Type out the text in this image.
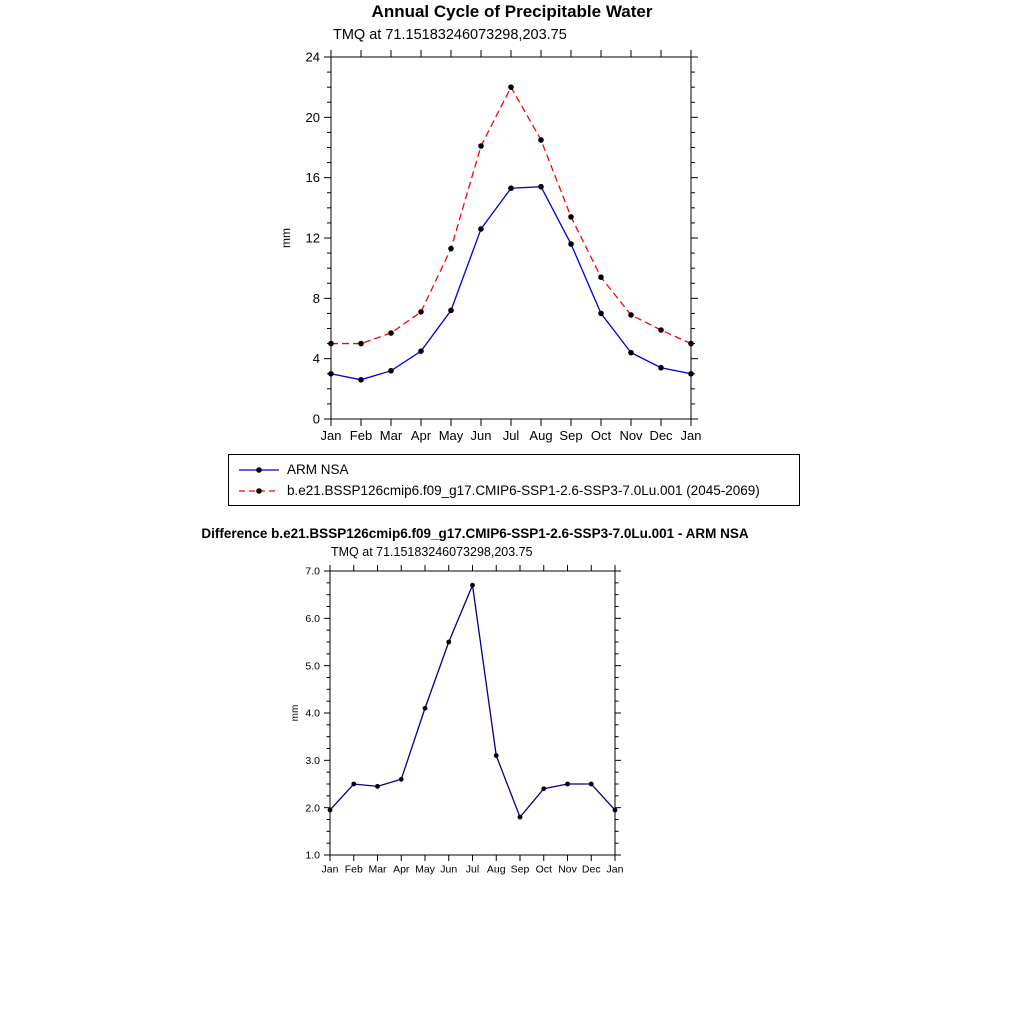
Annual Cycle of Precipitable Water
TMQ at 71.15183246073298,203.75
0
4
8
12
16
20
24
Jan Feb Mar Apr May Jun Jul Aug Sep Oct Nov Dec Jan
mm
ARM NSA
b.e21.BSSP126cmip6.f09_g17.CMIP6-SSP1-2.6-SSP3-7.0Lu.001 (2045-2069)
Difference b.e21.BSSP126cmip6.f09_g17.CMIP6-SSP1-2.6-SSP3-7.0Lu.001 - ARM NSA
TMQ at 71.15183246073298,203.75
1.0
2.0
3.0
4.0
5.0
6.0
7.0
Jan Feb Mar Apr May Jun Jul Aug Sep Oct Nov Dec Jan
mm
